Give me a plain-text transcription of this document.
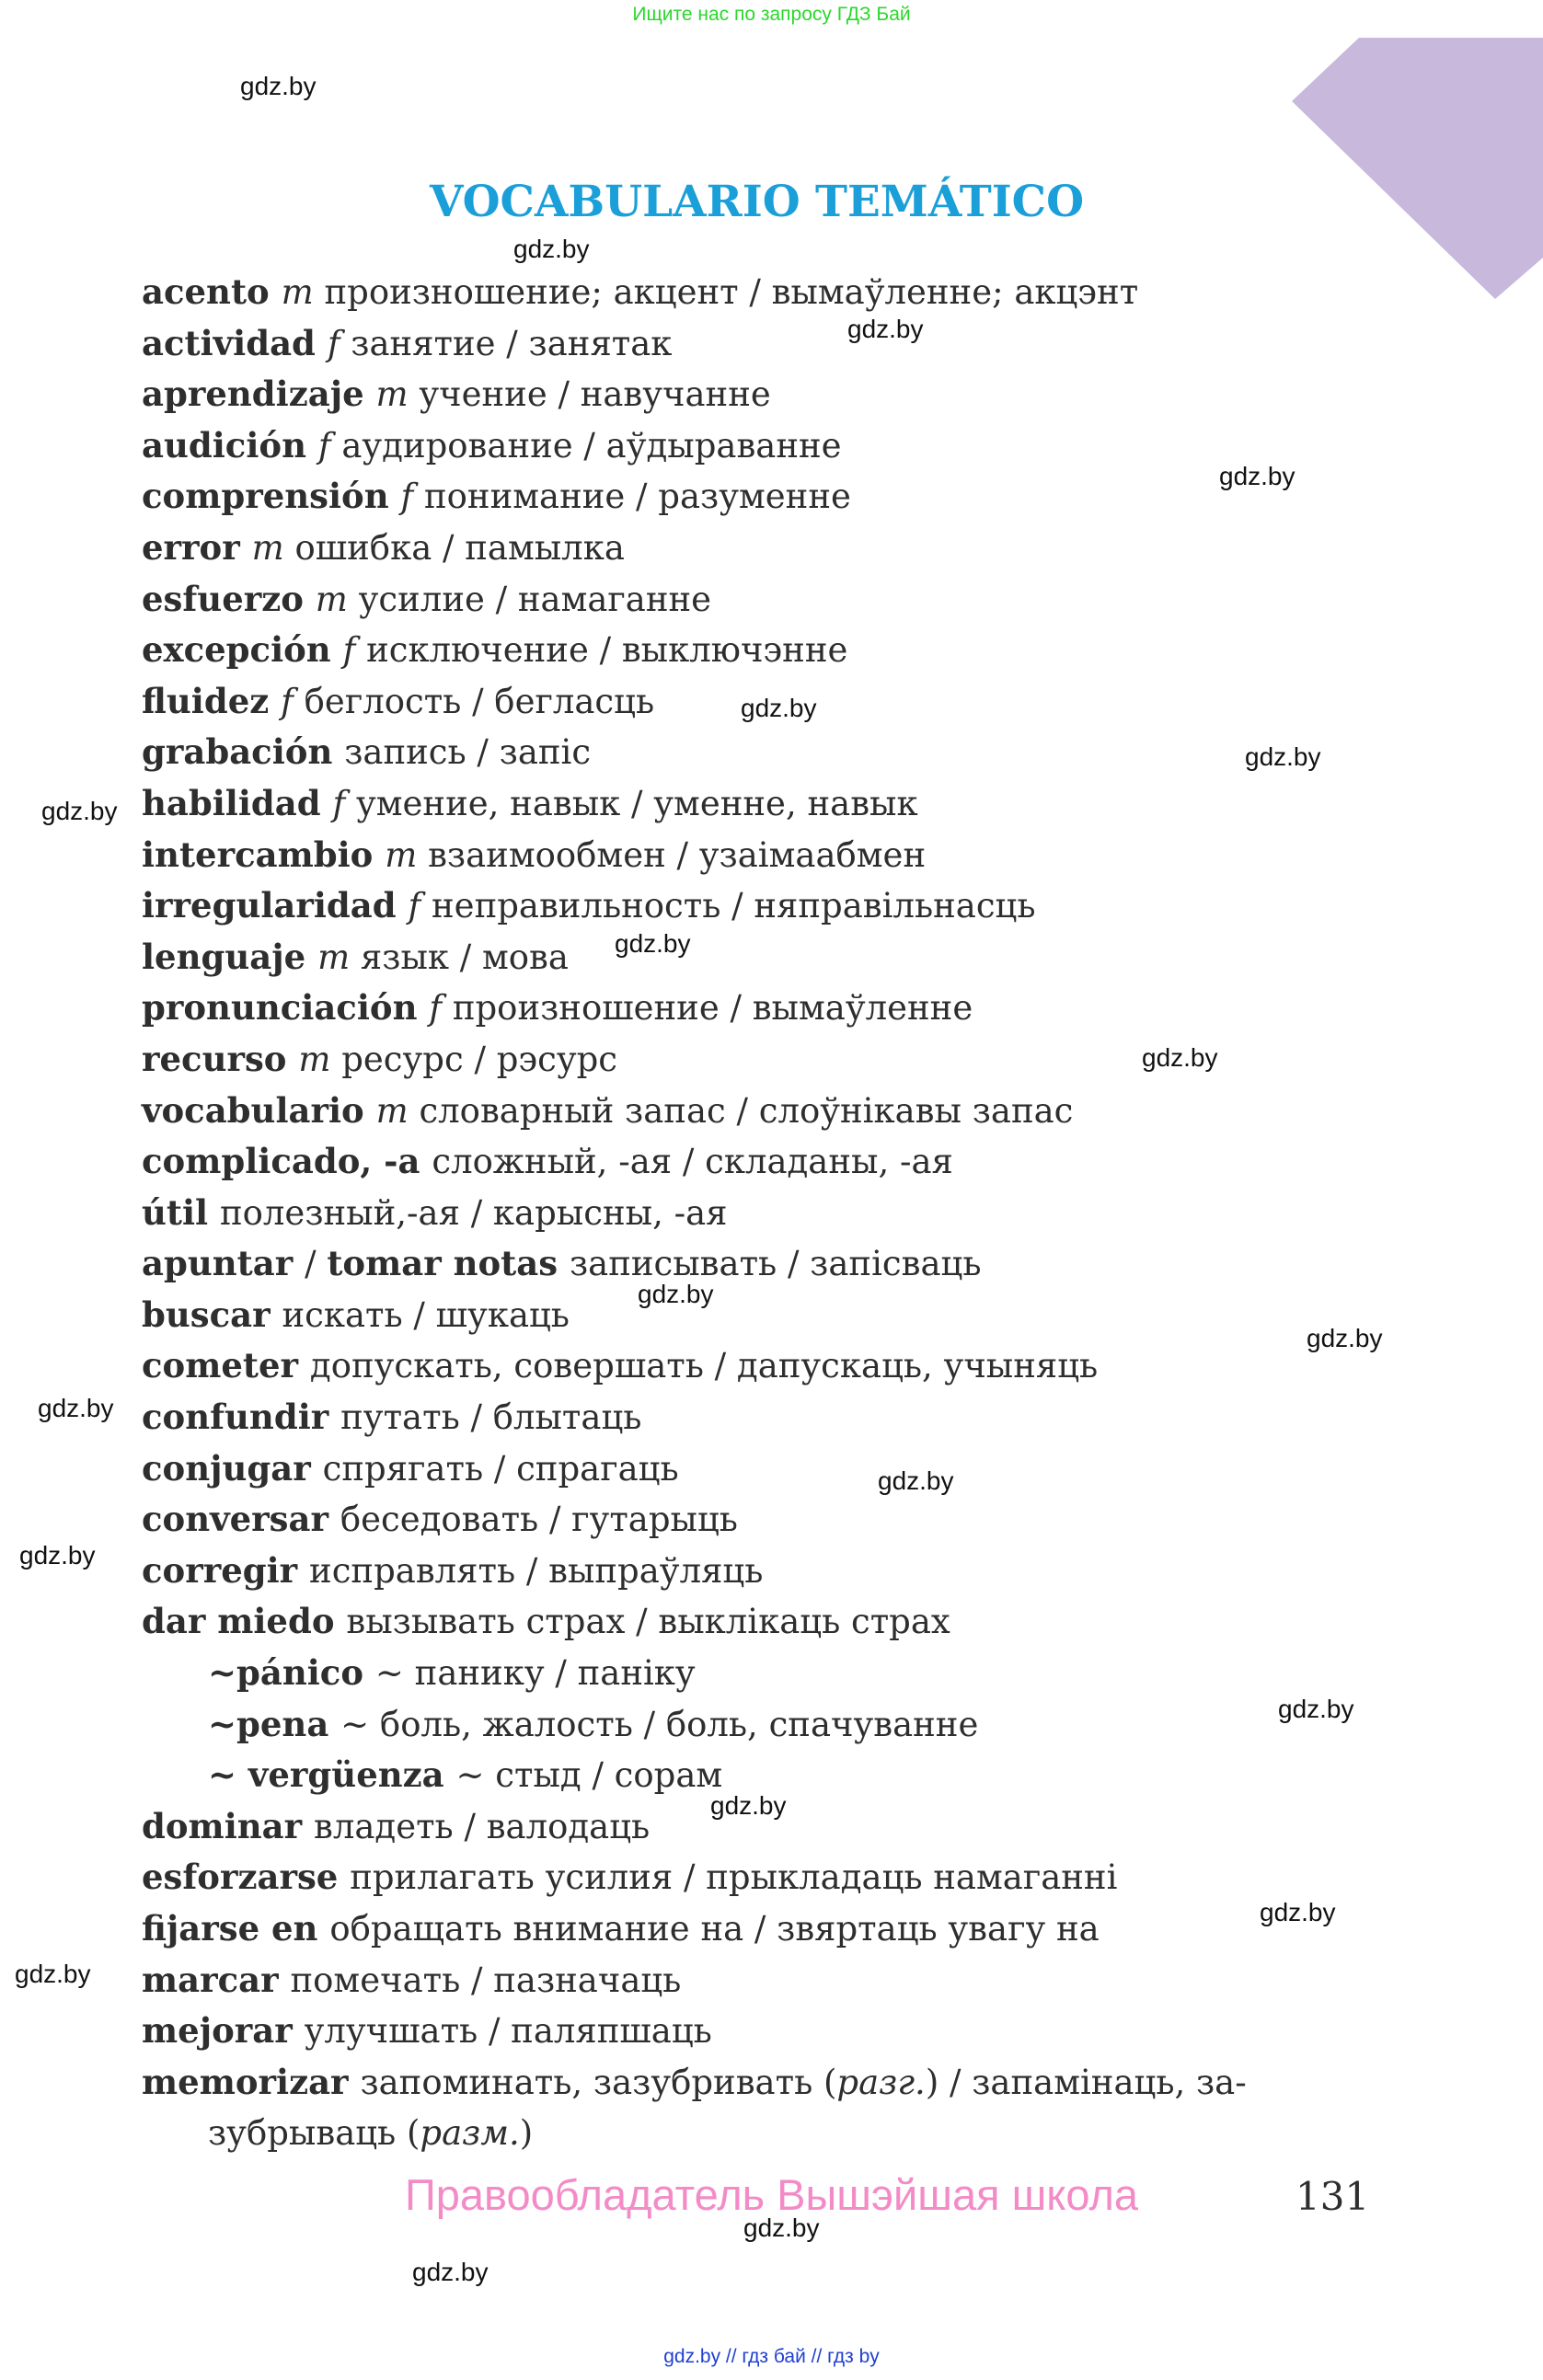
Ищите нас по запросу ГДЗ Бай
VOCABULARIO TEMÁTICO
acento m произношение; акцент / вымаўленне; акцэнт
actividad f занятие / занятак
aprendizaje m учение / навучанне
audición f аудирование / аўдыраванне
comprensión f понимание / разуменне
error m ошибка / памылка
esfuerzo m усилие / намаганне
excepción f исключение / выключэнне
fluidez f беглость / бегласць
grabación запись / запіс
habilidad f умение, навык / уменне, навык
intercambio m взаимообмен / узаімаабмен
irregularidad f неправильность / няправільнасць
lenguaje m язык / мова
pronunciación f произношение / вымаўленне
recurso m ресурс / рэсурс
vocabulario m словарный запас / слоўнікавы запас
complicado, -a сложный, -ая / складаны, -ая
útil полезный,-ая / карысны, -ая
apuntar / tomar notas записывать / запісваць
buscar искать / шукаць
cometer допускать, совершать / дапускаць, учыняць
confundir путать / блытаць
conjugar спрягать / спрагаць
conversar беседовать / гутарыць
corregir исправлять / выпраўляць
dar miedo вызывать страх / выклікаць страх
~pánico ~ панику / паніку
~pena ~ боль, жалость / боль, спачуванне
~ vergüenza ~ стыд / сорам
dominar владеть / валодаць
esforzarse прилагать усилия / прыкладаць намаганні
fijarse en обращать внимание на / звяртаць увагу на
marcar помечать / пазначаць
mejorar улучшать / паляпшаць
memorizar запоминать, зазубривать (разг.) / запамінаць, за-
зубрываць (разм.)
gdz.by
gdz.by
gdz.by
gdz.by
gdz.by
gdz.by
gdz.by
gdz.by
gdz.by
gdz.by
gdz.by
gdz.by
gdz.by
gdz.by
gdz.by
gdz.by
gdz.by
gdz.by
gdz.by
gdz.by
Правообладатель Вышэйшая школа	131
gdz.by // гдз бай // гдз by
